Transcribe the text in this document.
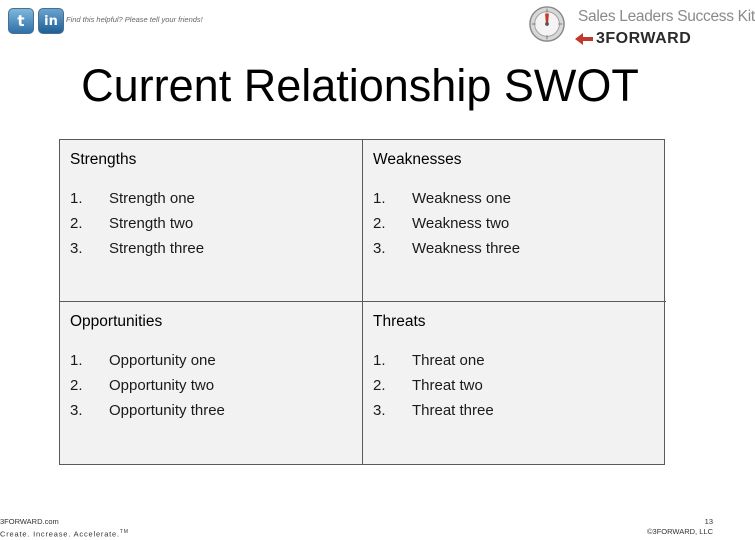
t in Find this helpful? Please tell your friends!	Sales Leaders Success Kit
3FORWARD
Current Relationship SWOT
Strengths
1.	Strength one
2.	Strength two
3.	Strength three
Weaknesses
1.	Weakness one
2.	Weakness two
3.	Weakness three
Opportunities
1.	Opportunity one
2.	Opportunity two
3.	Opportunity three
Threats
1.	Threat one
2.	Threat two
3.	Threat three
3FORWARD.com
Create. Increase. Accelerate.™
13
©3FORWARD, LLC
